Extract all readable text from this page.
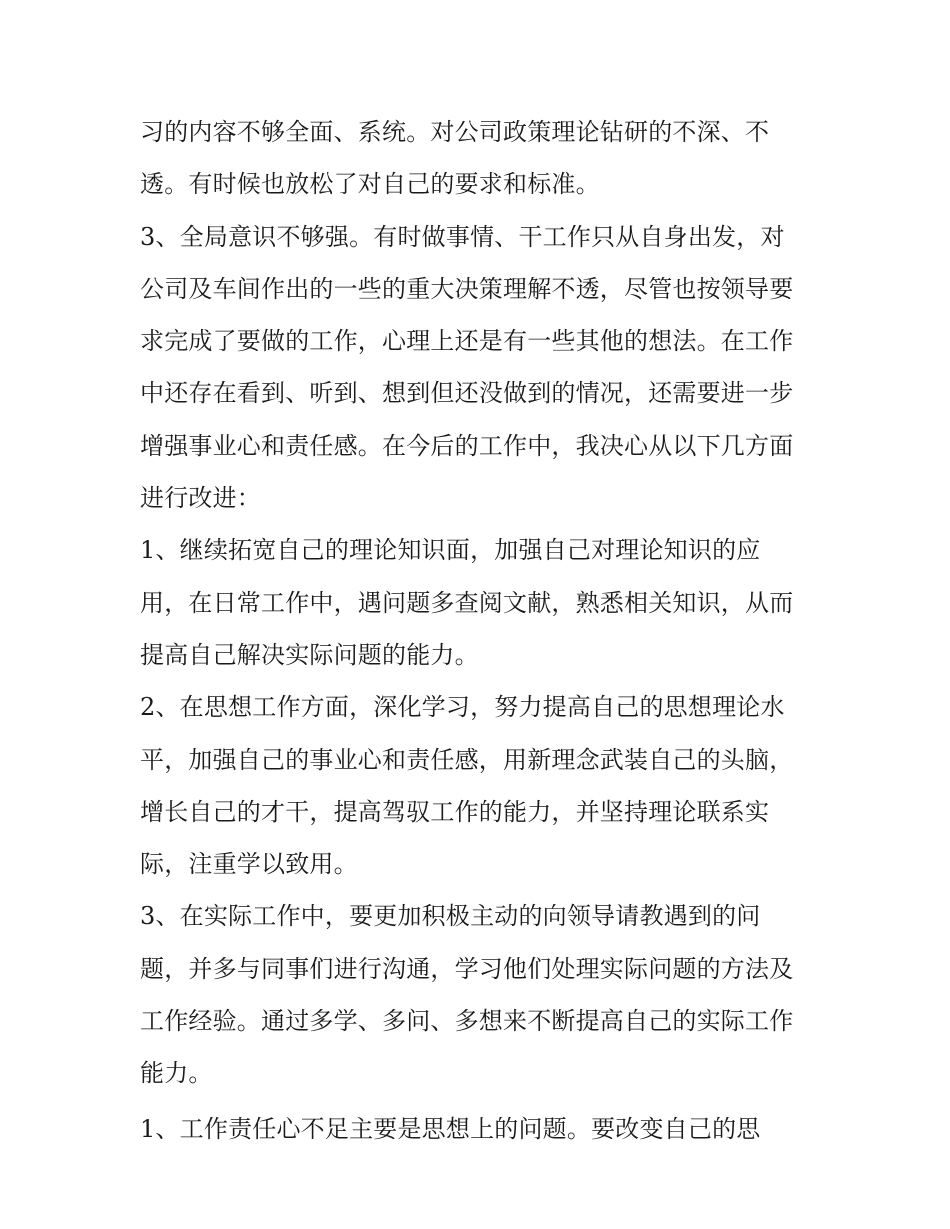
习的内容不够全面、系统。对公司政策理论钻研的不深、不

透。有时候也放松了对自己的要求和标准。

3、全局意识不够强。有时做事情、干工作只从自身出发，对

公司及车间作出的一些的重大决策理解不透，尽管也按领导要

求完成了要做的工作，心理上还是有一些其他的想法。在工作

中还存在看到、听到、想到但还没做到的情况，还需要进一步

增强事业心和责任感。在今后的工作中，我决心从以下几方面

进行改进：

1、继续拓宽自己的理论知识面，加强自己对理论知识的应

用，在日常工作中，遇问题多查阅文献，熟悉相关知识，从而

提高自己解决实际问题的能力。

2、在思想工作方面，深化学习，努力提高自己的思想理论水

平，加强自己的事业心和责任感，用新理念武装自己的头脑，

增长自己的才干，提高驾驭工作的能力，并坚持理论联系实

际，注重学以致用。

3、在实际工作中，要更加积极主动的向领导请教遇到的问

题，并多与同事们进行沟通，学习他们处理实际问题的方法及

工作经验。通过多学、多问、多想来不断提高自己的实际工作

能力。

1、工作责任心不足主要是思想上的问题。要改变自己的思
